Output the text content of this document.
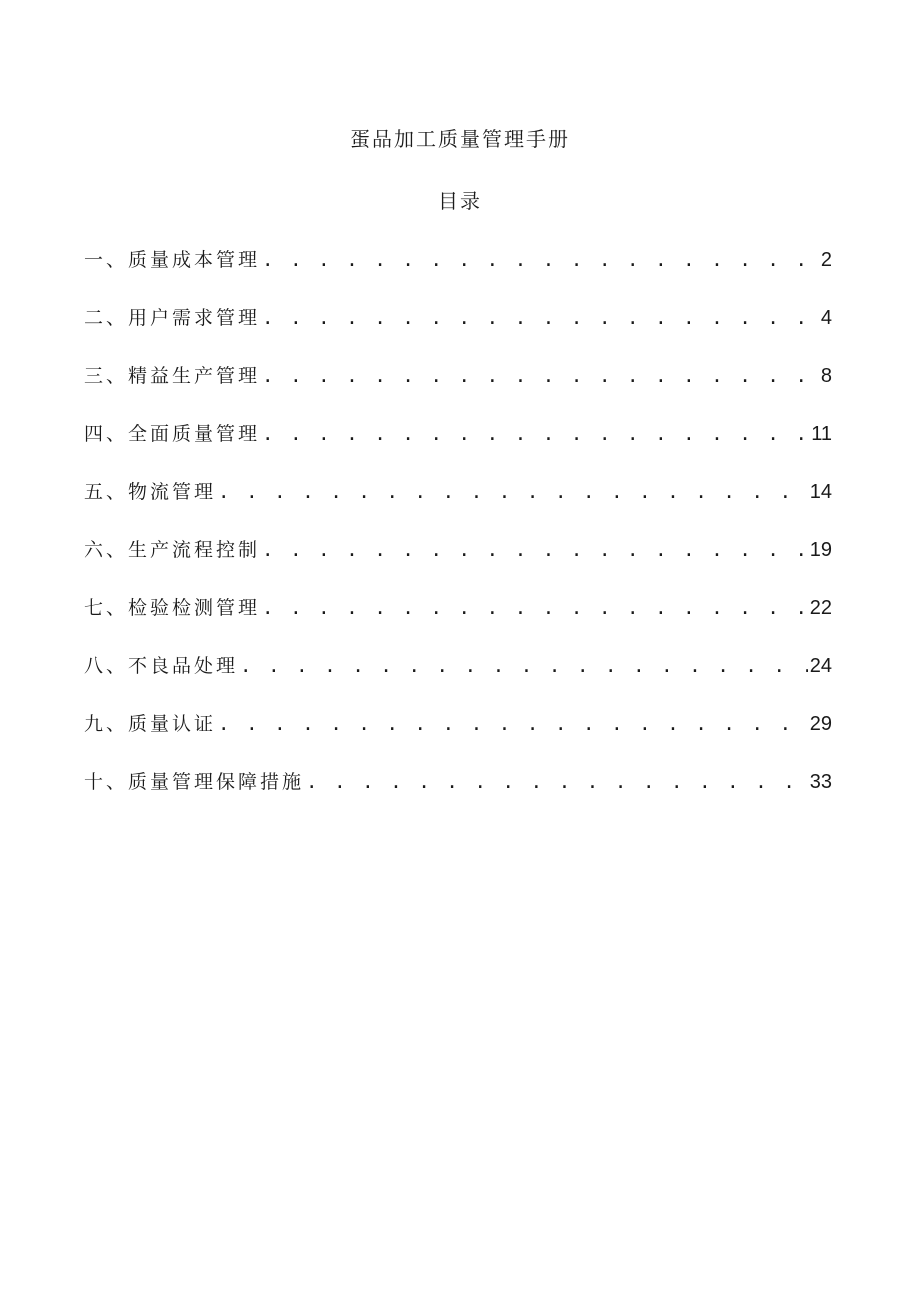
蛋品加工质量管理手册
目录
一、质量成本管理 . . .	2
二、用户需求管理 . . .	4
三、精益生产管理 . . .	8
四、全面质量管理 . . .	11
五、物流管理 . . .	14
六、生产流程控制 . . .	19
七、检验检测管理 . . .	22
八、不良品处理 . . .	24
九、质量认证 . . .	29
十、质量管理保障措施 . . .	33
